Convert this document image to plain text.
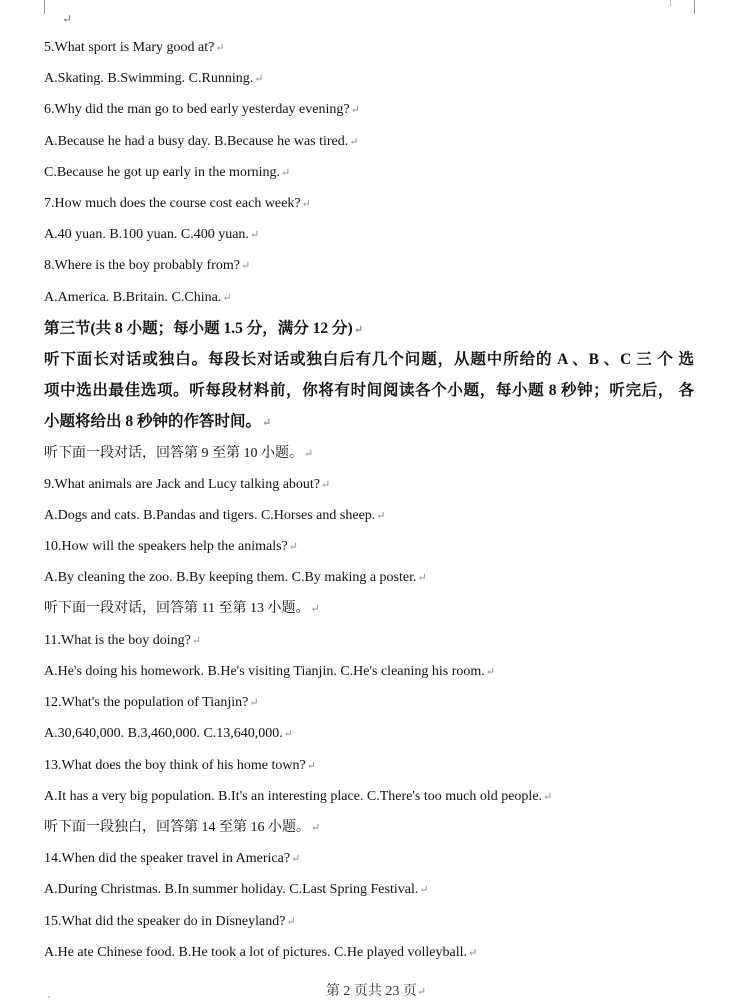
↵
5.What sport is Mary good at?↵
A.Skating. B.Swimming. C.Running.↵
6.Why did the man go to bed early yesterday evening?↵
A.Because he had a busy day. B.Because he was tired.↵
C.Because he got up early in the morning.↵
7.How much does the course cost each week?↵
A.40 yuan. B.100 yuan. C.400 yuan.↵
8.Where is the boy probably from?↵
A.America. B.Britain. C.China.↵
第三节(共 8 小题；每小题 1.5 分，满分 12 分)↵
听下面长对话或独白。每段长对话或独白后有几个问题，从题中所给的 A 、B 、C 三 个 选
项中选出最佳选项。听每段材料前，你将有时间阅读各个小题，每小题 8 秒钟；听完后， 各
小题将给出 8 秒钟的作答时间。↵
听下面一段对话，回答第 9 至第 10 小题。↵
9.What animals are Jack and Lucy talking about?↵
A.Dogs and cats. B.Pandas and tigers. C.Horses and sheep.↵
10.How will the speakers help the animals?↵
A.By cleaning the zoo. B.By keeping them. C.By making a poster.↵
听下面一段对话，回答第 11 至第 13 小题。↵
11.What is the boy doing?↵
A.He's doing his homework. B.He's visiting Tianjin. C.He's cleaning his room.↵
12.What's the population of Tianjin?↵
A.30,640,000. B.3,460,000. C.13,640,000.↵
13.What does the boy think of his home town?↵
A.It has a very big population. B.It's an interesting place. C.There's too much old people.↵
听下面一段独白，回答第 14 至第 16 小题。↵
14.When did the speaker travel in America?↵
A.During Christmas. B.In summer holiday. C.Last Spring Festival.↵
15.What did the speaker do in Disneyland?↵
A.He ate Chinese food. B.He took a lot of pictures. C.He played volleyball.↵
第 2 页共 23 页↵
